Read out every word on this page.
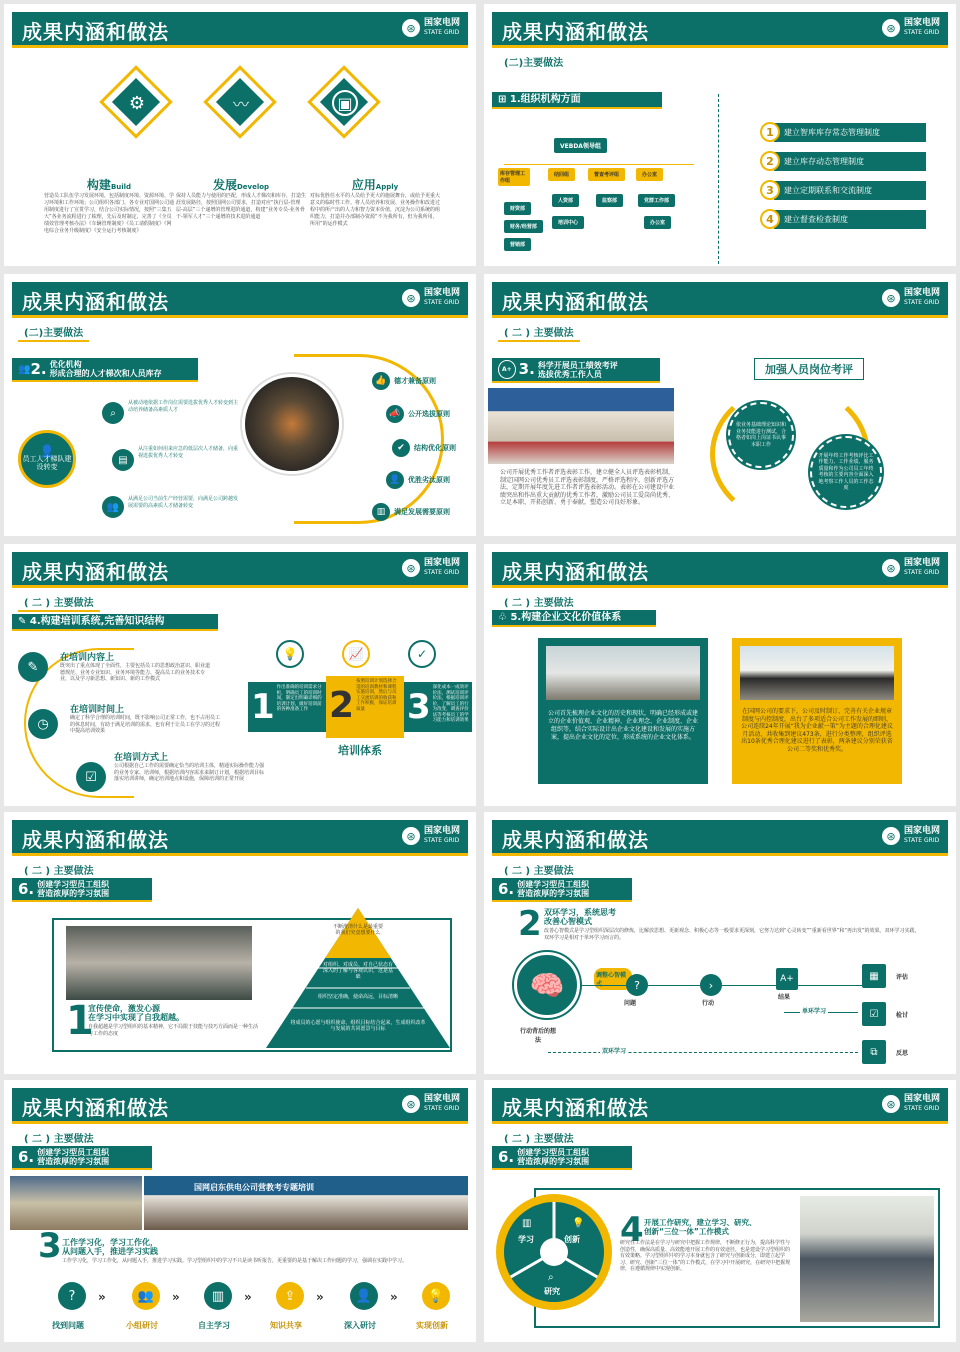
成果内涵和做法	⊛ 国家电网
STATE GRID
⚙	〰	▣
构建Build
营造员工队伍学习发展环境，包括制度环境、资源环境、学习环境和工作环境；公司组织各部门、各专业对国网公司通用制度进行了宣贯学习，结合公司实际情况，按照“三集五大”各业务流程进行了梳理，先后及时制定、完善了《全员绩效管理考核办法》《车辆管理制度》《员工请假制度》《网电综合业务升级制度》《安全运行考核制度》
发展Develop
保持人员能力与使用的匹配，形成人才梯次和库存，打造生涯发展路径，按照国网公司要求，打造对应“执行层-管理层-高层”三个递增的管理进阶通道，构建“业务专员-业务骨干-领军人才”三个递增的技术进阶通道
应用Apply
对标优胜任水平的人员给予更大的施展舞台，或给予更重大意义的临时性工作。将人员培养和发展、业务操作和改进过程中的所产出的人力和智力资本价值，沉淀为公司系统的组织能力，打造并办部制办资源“不为我所有，但为我所用，所用”的运作模式
成果内涵和做法	⊛ 国家电网
STATE GRID
(二)主要做法
⊞ 1.组织机构方面
VEBDA领导组
库存管理工作组
结回组	督查考评组	办公室
财资部
财务/经营部
营销部
人资部
培训中心
监察部	党群工作部
办公室
1	建立智库库存常态管理制度
2	建立库存动态管理制度
3	建立定期联系和交流制度
4	建立督查检查制度
成果内涵和做法	⊛ 国家电网
STATE GRID
(二)主要做法
👥 2. 优化机构
形成合理的人才梯次和人员库存
👤
员工人才梯队建设转变
⌕
▤
👥
从被动地依据工作岗位需要选拔优秀人才转变到主动培养储备高素质人才
从注重如何用来应急的低层次人才储备，向重视选拔优秀人才转变
从满足公司当前生产经营需要，向满足公司跨越发展需要的高素质人才储备转变
👍	德才兼备原则
📣	公开选拔原则
✔	结构优化原则
👤	优胜劣汰原则
▥	满足发展需要原则
成果内涵和做法	⊛ 国家电网
STATE GRID
( 二 ) 主要做法
A+ 3. 科学开展员工绩效考评
选拔优秀工作人员
公司开展优秀工作者评选表彰工作，建立健全人员评选表彰机制，制定国网公司优秀员工评选表彰制度，严格评选程序，创新评选方法，定期开展年度先进工作者评选表彰活动。表彰在公司建设中业绩突出和作出重大贡献的优秀工作者，激励公司员工爱岗尚优秀、立足本职、开拓创新、勇于奉献，塑造公司良好形象。
加强人员岗位考评
依业务基础理论知识和业务技能进行测试，合格者如岗上岗证书认事本职工作
开展年终工作考核评比工作能力、工作业绩、服务质量和作为公司员工年终考核的主要内容全面深入地考察工作人员的工作态度
成果内涵和做法	⊛ 国家电网
STATE GRID
( 二 ) 主要做法
✎ 4.构建培训系统,完善知识结构
✎
◷
☑
在培训内容上
既突出了重点体现了全面性，主要包括员工的思想政治意识、职业道德规范、业务专业知识、业务环境等能力、提高员工的业务技术专业，以及学习新思想、新知识、新的工作模式
在培训时间上
确定了科学合理的培训时间，既不影响公司正常工作，也不占用员工的休息时间，有助于满足培训的需求，也有利于让员工在学习的过程中提高培训效果
在培训方式上
公司根据自己工作的需要确定恰当的培训主体，精通实际操作能力强的业务专家、培训师，根据培训内容需求来制订计划，根据培训目标落实培训讲师，确定培训地点和设施，保障培训的正常开展
💡	📈	✓
1 作出准确的培训需求分析，明确员工的培训时间，制定出明确详细的培训计划，做好培训前的各种准备工作 2
按照培训计划选择合适的培训教材和课程实施培训，然后与员工交流培训的收获和工作积极，保证培训质量	3 深化成本一成效评价法，测试培训评价法，根据培训评价，了解员工的行为改变，调查评价法等考核员工的学习能力和培训效果
培训体系
成果内涵和做法	⊛ 国家电网
STATE GRID
( 二 ) 主要做法
♧ 5.构建企业文化价值体系
公司首先梳理企业文化的历史和现状，明确已经形成或建立的企业价值观、企业精神、企业理念、企业制度、企业组织等，结合实际设计出企业文化建设和发展的实施方案，提出企业文化的定位，形成系统的企业文化体系。
在国网公司的要求下，公司及时制订、完善有关企业规章制度与内控制度，出台了多项适合公司工作发展的细则，公司连续24年开展“我为企业献一策”为主题的合理化建议月活动，共收集到建议473条，进行分类整理，组织评选出10条优秀合理化建议进行了表彰，两条建议分别荣获省公司二等奖和优秀奖。
成果内涵和做法	⊛ 国家电网
STATE GRID
( 二 ) 主要做法
6. 创建学习型员工组织
营造浓厚的学习氛围
1
宣传使命，激发心源
在学习中实现了自我超越。
自我超越是学习型组织的基本精神，它不局限于技能与技巧方面而是一种生活与工作的态度
不断澄清什么是最重要的我们究竟想要什么
对组织、对成员、对自己状态有深入的了解与客观认识，这是基础
组织坚定准确，使命高远，目标清晰
将成员的心愿与组织使命、组织目标结合起来，生成组织改革与发展的共同愿景与目标
成果内涵和做法	⊛ 国家电网
STATE GRID
( 二 ) 主要做法
6. 创建学习型员工组织
营造浓厚的学习氛围
2 双环学习，系统思考
改善心智模式
改善心智模式是学习型组织深层次的修炼，比解放思想、更新观念、积极心态等一般要求更深刻，它努力达到“心灵转变”“重新看世界”和“再出发”的效果。双环学习实践，双环学习是相对于单环学习而言的。
🧠
行动背后的想法
调整心智模式	?
问题
›
行动
A+
结果
▦	评估
☑	检讨
⧉	反思
单环学习
双环学习
成果内涵和做法	⊛ 国家电网
STATE GRID
( 二 ) 主要做法
6. 创建学习型员工组织
营造浓厚的学习氛围
国网启东供电公司营教考专题培训
3 工作学习化，学习工作化，
从问题入手，推进学习实践
工作学习化，学习工作化，从问题入手，推进学习实践。学习型组织中的学习不只是读书听报告，更重要的是基于解决工作问题的学习，强调在实践中学习。
?	»	👥	»	▥	»	⇪	»	👤	»	💡
找到问题	小组研讨	自主学习	知识共享	深入研讨	实现创新
成果内涵和做法	⊛ 国家电网
STATE GRID
( 二 ) 主要做法
6. 创建学习型员工组织
营造浓厚的学习氛围
▥
学习
💡
创新
⌕
研究
4 开展工作研究，建立学习、研究、
创新“三位一体”工作模式
研究性工作法是在学习与研究中把握工作规律，不断修正行为，提高科学性与创造性，确保高质量、高效能地开展工作的有效途径，也是建设学习型组织的有效策略。学习型组织中的学习本身就包含了研究与创新成分，即建立起学习、研究、创新“三位一体”的工作模式，在学习中开展研究，在研究中把握规律，在遵循规律中实现创新。
